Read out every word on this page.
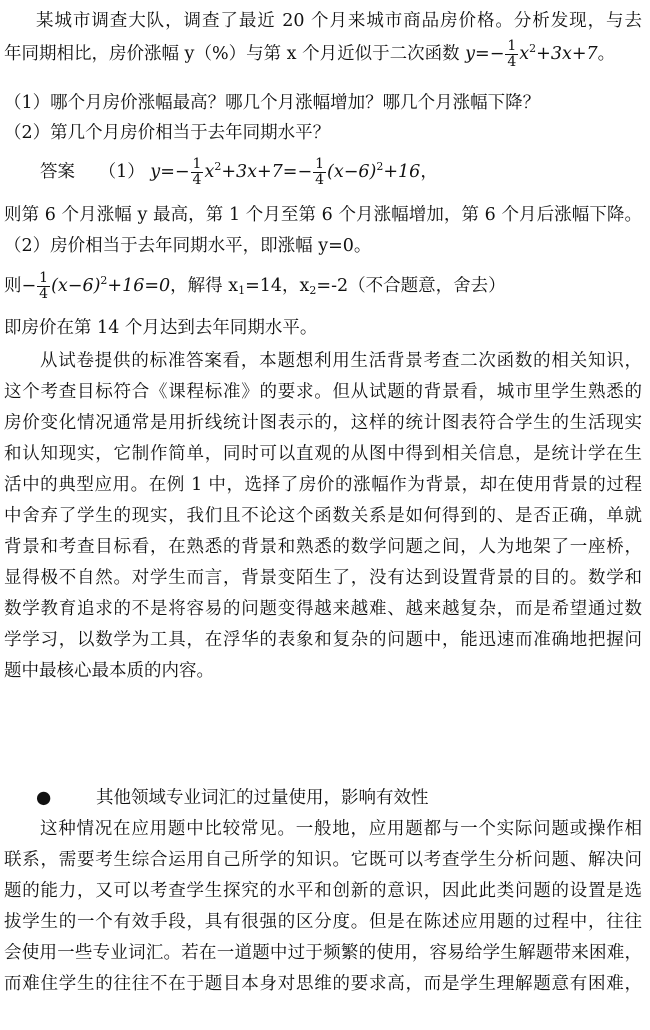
某城市调查大队，调查了最近 20 个月来城市商品房价格。分析发现，与去
年同期相比，房价涨幅 y（%）与第 x 个月近似于二次函数 $y=- \frac{1}{4} x^2+3x+7$。
（1）哪个月房价涨幅最高？哪几个月涨幅增加？哪几个月涨幅下降？
（2）第几个月房价相当于去年同期水平？
答案 （1） $y=- \frac{1}{4} x^2+3x+7=- \frac{1}{4} (x-6)^2+16$，
则第 6 个月涨幅 y 最高，第 1 个月至第 6 个月涨幅增加，第 6 个月后涨幅下降。
（2）房价相当于去年同期水平，即涨幅 y=0。
则− $\frac{1}{4} (x-6)^2+16=0$，解得 $x_1=14$，$x_2=-2$（不合题意，舍去）
即房价在第 14 个月达到去年同期水平。
从试卷提供的标准答案看，本题想利用生活背景考查二次函数的相关知识，
这个考查目标符合《课程标准》的要求。但从试题的背景看，城市里学生熟悉的
房价变化情况通常是用折线统计图表示的，这样的统计图表符合学生的生活现实
和认知现实，它制作简单，同时可以直观的从图中得到相关信息，是统计学在生
活中的典型应用。在例 1 中，选择了房价的涨幅作为背景，却在使用背景的过程
中舍弃了学生的现实，我们且不论这个函数关系是如何得到的、是否正确，单就
背景和考查目标看，在熟悉的背景和熟悉的数学问题之间，人为地架了一座桥，
显得极不自然。对学生而言，背景变陌生了，没有达到设置背景的目的。数学和
数学教育追求的不是将容易的问题变得越来越难、越来越复杂，而是希望通过数
学学习，以数学为工具，在浮华的表象和复杂的问题中，能迅速而准确地把握问
题中最核心最本质的内容。
●	其他领域专业词汇的过量使用，影响有效性
这种情况在应用题中比较常见。一般地，应用题都与一个实际问题或操作相
联系，需要考生综合运用自己所学的知识。它既可以考查学生分析问题、解决问
题的能力，又可以考查学生探究的水平和创新的意识，因此此类问题的设置是选
拔学生的一个有效手段，具有很强的区分度。但是在陈述应用题的过程中，往往
会使用一些专业词汇。若在一道题中过于频繁的使用，容易给学生解题带来困难，
而难住学生的往往不在于题目本身对思维的要求高，而是学生理解题意有困难，
